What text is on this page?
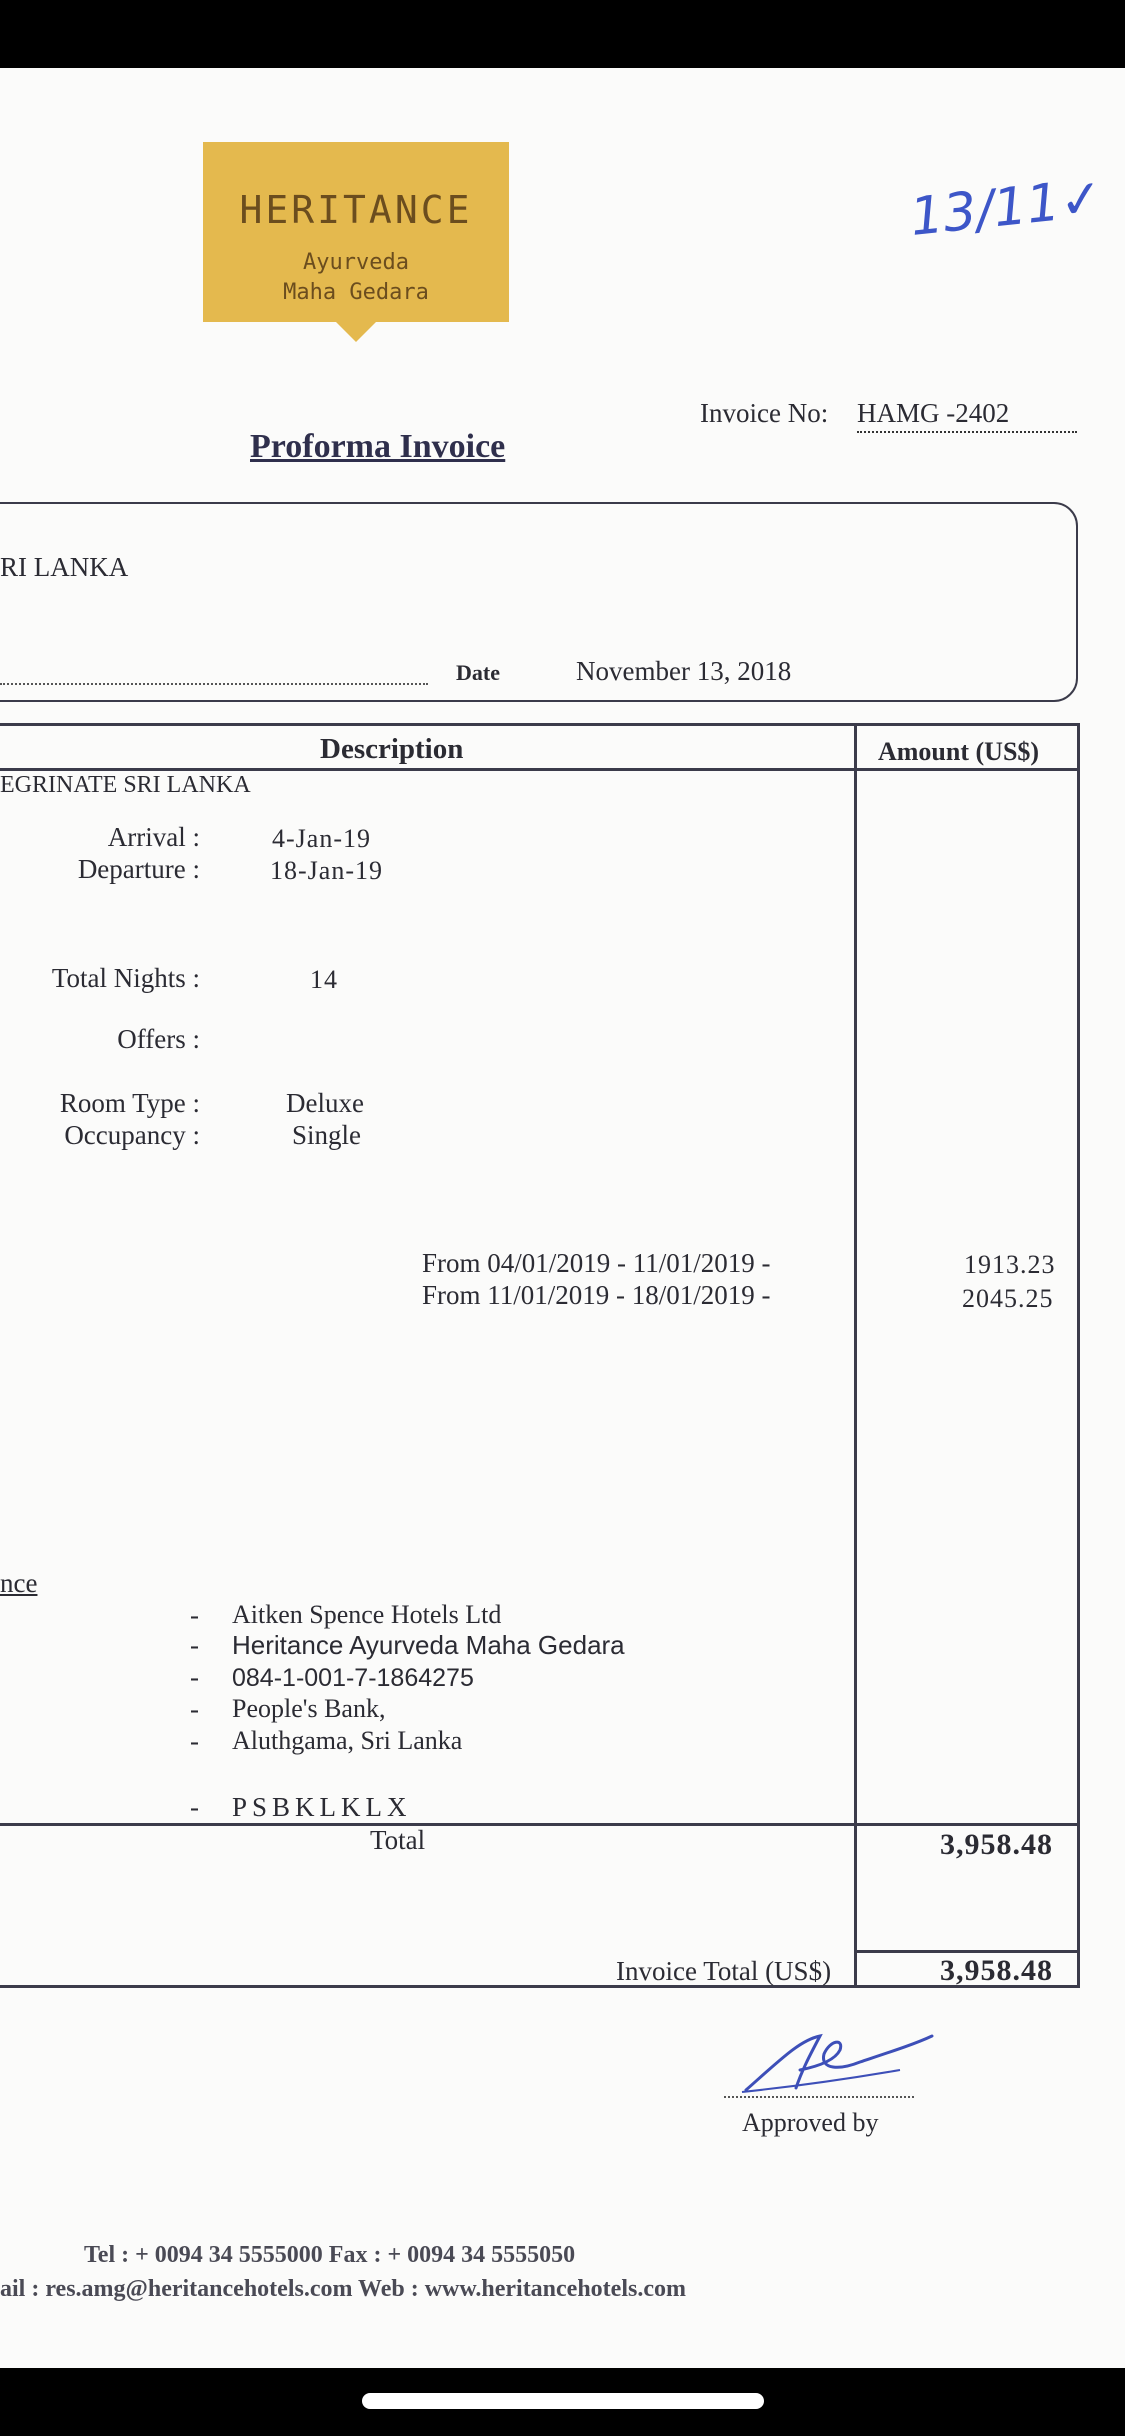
HERITANCE
Ayurveda
Maha Gedara
13/11✓
Invoice No: HAMG -2402
Proforma Invoice
RI LANKA
Date	November 13, 2018
Description	Amount (US$)
EGRINATE SRI LANKA
Arrival :	4-Jan-19
Departure :	18-Jan-19
Total Nights :	14
Offers :
Room Type :	Deluxe
Occupancy :	Single
From 04/01/2019 - 11/01/2019 -	1913.23
From 11/01/2019 - 18/01/2019 -	2045.25
nce
- Aitken Spence Hotels Ltd
- Heritance Ayurveda Maha Gedara
- 084-1-001-7-1864275
- People's Bank,
- Aluthgama, Sri Lanka
- PSBKLKLX
Total	3,958.48
Invoice Total (US$)	3,958.48
Approved by
Tel : + 0094 34 5555000 Fax : + 0094 34 5555050
ail : res.amg@heritancehotels.com Web : www.heritancehotels.com
